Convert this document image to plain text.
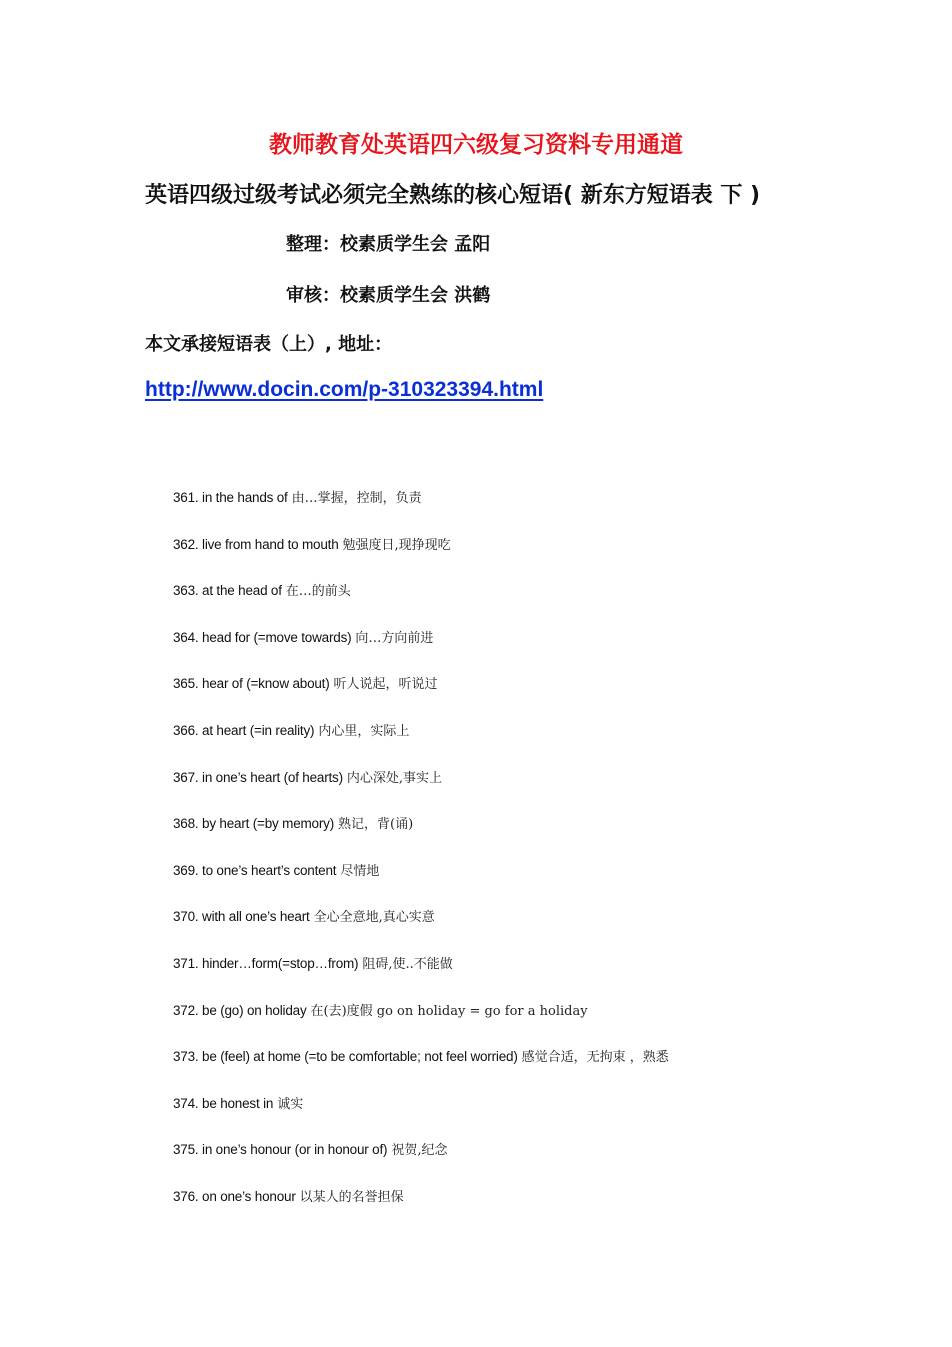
教师教育处英语四六级复习资料专用通道
英语四级过级考试必须完全熟练的核心短语( 新东方短语表 下 )
整理：校素质学生会 孟阳
审核：校素质学生会 洪鹤
本文承接短语表（上）, 地址：
http://www.docin.com/p-310323394.html
361. in the hands of 由…掌握，控制，负责
362. live from hand to mouth 勉强度日,现挣现吃
363. at the head of 在…的前头
364. head for (=move towards) 向…方向前进
365. hear of (=know about) 听人说起，听说过
366. at heart (=in reality) 内心里，实际上
367. in one’s heart (of hearts) 内心深处,事实上
368. by heart (=by memory) 熟记，背(诵)
369. to one’s heart’s content 尽情地
370. with all one’s heart 全心全意地,真心实意
371. hinder…form(=stop…from) 阻碍,使..不能做
372. be (go) on holiday 在(去)度假 go on holiday = go for a holiday
373. be (feel) at home (=to be comfortable; not feel worried) 感觉合适，无拘束 ，熟悉
374. be honest in 诚实
375. in one’s honour (or in honour of) 祝贺,纪念
376. on one’s honour 以某人的名誉担保
